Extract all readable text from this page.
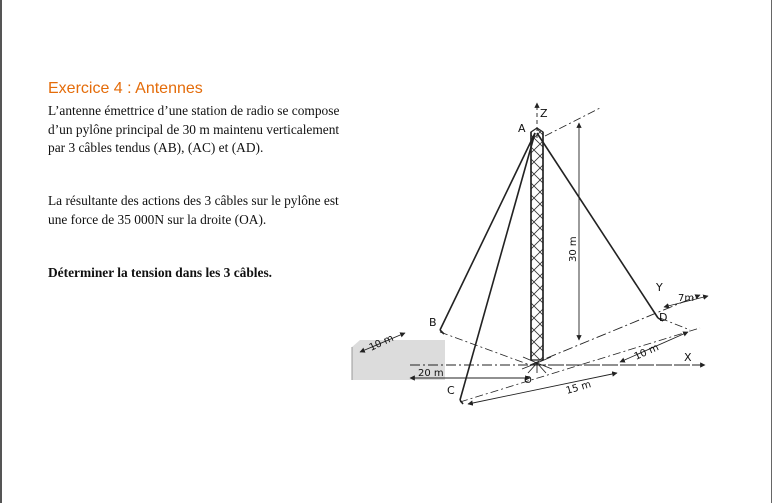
Exercice 4 : Antennes
L’antenne émettrice d’une station de radio se compose d’un pylône principal de 30 m maintenu verticalement par 3 câbles tendus (AB), (AC) et (AD).
La résultante des actions des 3 câbles sur le pylône est une force de 35 000N sur la droite (OA).
Déterminer la tension dans les 3 câbles.
30 m
10 m
20 m
15 m
10 m
7m
A
B
C
D
O
Z
Y
X
